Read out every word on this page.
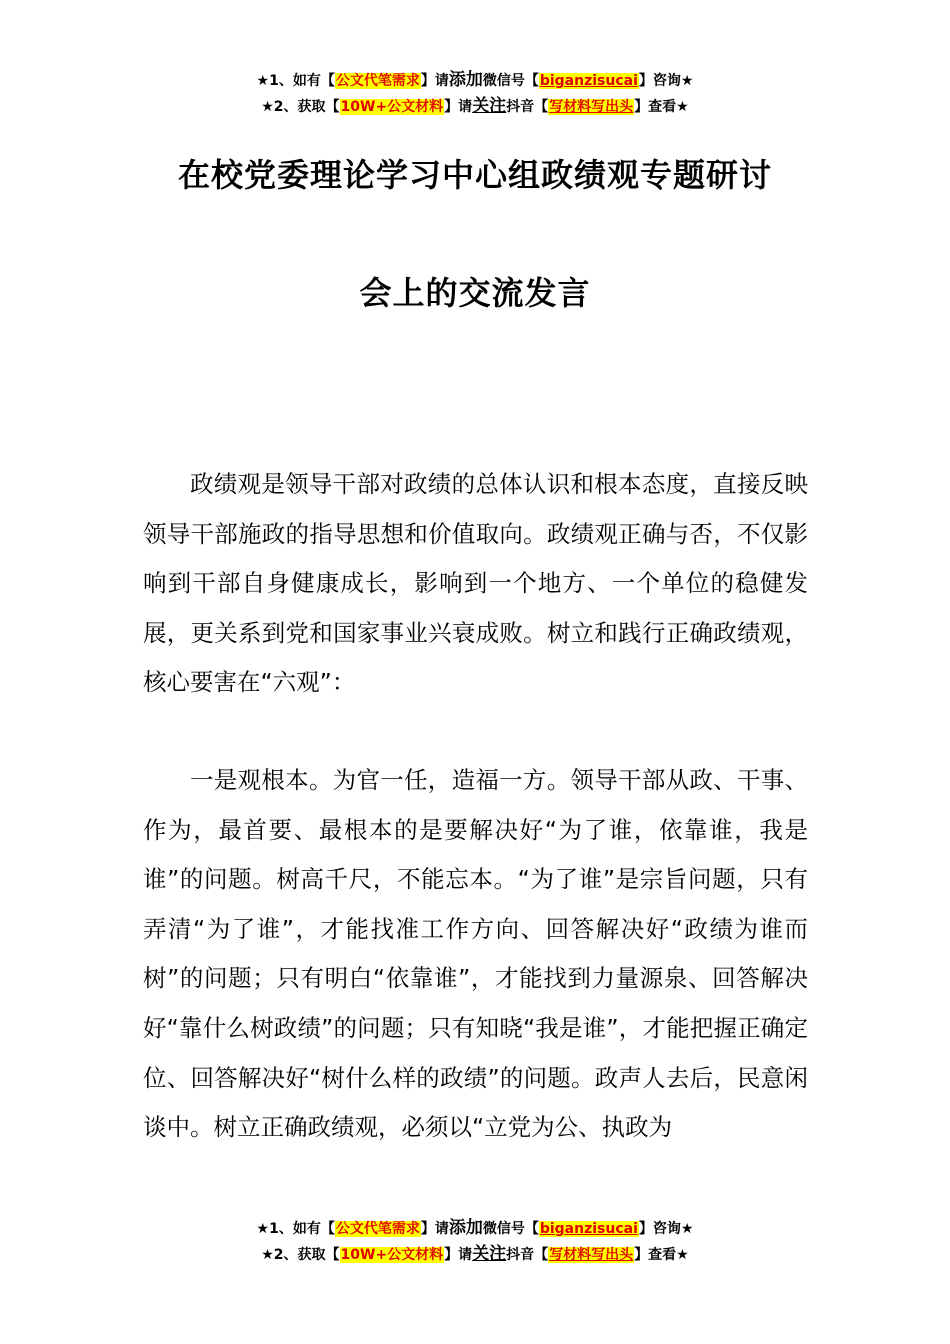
★1、如有【公文代笔需求】请添加微信号【biganzisucai】咨询★
★2、获取【10W+公文材料】请关注抖音【写材料写出头】查看★
在校党委理论学习中心组政绩观专题研讨
会上的交流发言
政绩观是领导干部对政绩的总体认识和根本态度，直接反映领导干部施政的指导思想和价值取向。政绩观正确与否，不仅影响到干部自身健康成长，影响到一个地方、一个单位的稳健发展，更关系到党和国家事业兴衰成败。树立和践行正确政绩观，核心要害在“六观”：
一是观根本。为官一任，造福一方。领导干部从政、干事、作为，最首要、最根本的是要解决好“为了谁，依靠谁，我是谁”的问题。树高千尺，不能忘本。“为了谁”是宗旨问题，只有弄清“为了谁”，才能找准工作方向、回答解决好“政绩为谁而树”的问题；只有明白“依靠谁”，才能找到力量源泉、回答解决好“靠什么树政绩”的问题；只有知晓“我是谁”，才能把握正确定位、回答解决好“树什么样的政绩”的问题。政声人去后，民意闲谈中。树立正确政绩观，必须以“立党为公、执政为
★1、如有【公文代笔需求】请添加微信号【biganzisucai】咨询★
★2、获取【10W+公文材料】请关注抖音【写材料写出头】查看★
